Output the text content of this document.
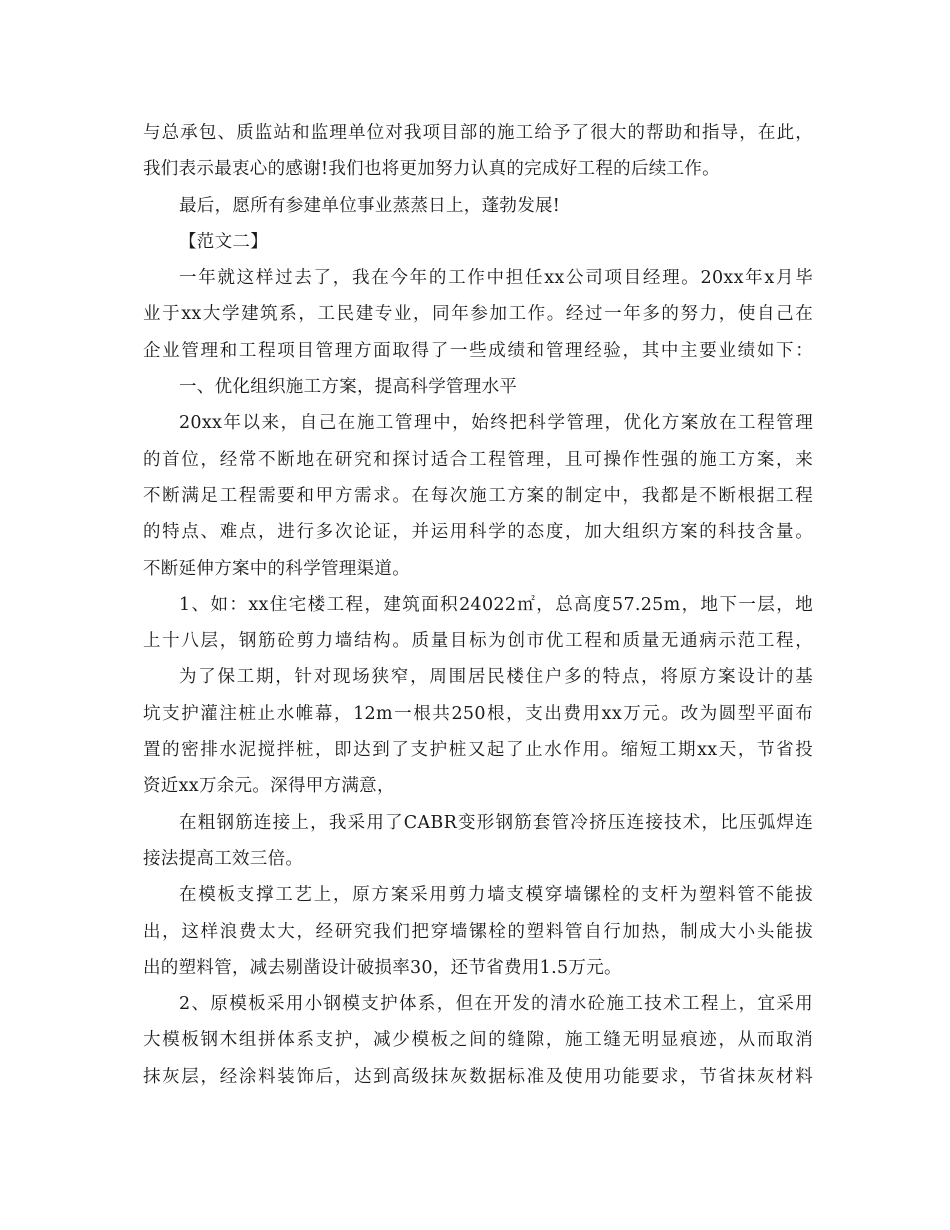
与总承包、质监站和监理单位对我项目部的施工给予了很大的帮助和指导，在此，
我们表示最衷心的感谢!我们也将更加努力认真的完成好工程的后续工作。
最后，愿所有参建单位事业蒸蒸日上，蓬勃发展!
【范文二】
一年就这样过去了，我在今年的工作中担任xx公司项目经理。20xx年x月毕
业于xx大学建筑系，工民建专业，同年参加工作。经过一年多的努力，使自己在
企业管理和工程项目管理方面取得了一些成绩和管理经验，其中主要业绩如下：
一、优化组织施工方案，提高科学管理水平
20xx年以来，自己在施工管理中，始终把科学管理，优化方案放在工程管理
的首位，经常不断地在研究和探讨适合工程管理，且可操作性强的施工方案，来
不断满足工程需要和甲方需求。在每次施工方案的制定中，我都是不断根据工程
的特点、难点，进行多次论证，并运用科学的态度，加大组织方案的科技含量。
不断延伸方案中的科学管理渠道。
1、如：xx住宅楼工程，建筑面积24022㎡，总高度57.25m，地下一层，地
上十八层，钢筋砼剪力墙结构。质量目标为创市优工程和质量无通病示范工程，
为了保工期，针对现场狭窄，周围居民楼住户多的特点，将原方案设计的基
坑支护灌注桩止水帷幕，12m一根共250根，支出费用xx万元。改为圆型平面布
置的密排水泥搅拌桩，即达到了支护桩又起了止水作用。缩短工期xx天，节省投
资近xx万余元。深得甲方满意，
在粗钢筋连接上，我采用了CABR变形钢筋套管冷挤压连接技术，比压弧焊连
接法提高工效三倍。
在模板支撑工艺上，原方案采用剪力墙支模穿墙镙栓的支杆为塑料管不能拔
出，这样浪费太大，经研究我们把穿墙镙栓的塑料管自行加热，制成大小头能拔
出的塑料管，减去剔凿设计破损率30，还节省费用1.5万元。
2、原模板采用小钢模支护体系，但在开发的清水砼施工技术工程上，宜采用
大模板钢木组拼体系支护，减少模板之间的缝隙，施工缝无明显痕迹，从而取消
抹灰层，经涂料装饰后，达到高级抹灰数据标准及使用功能要求，节省抹灰材料
